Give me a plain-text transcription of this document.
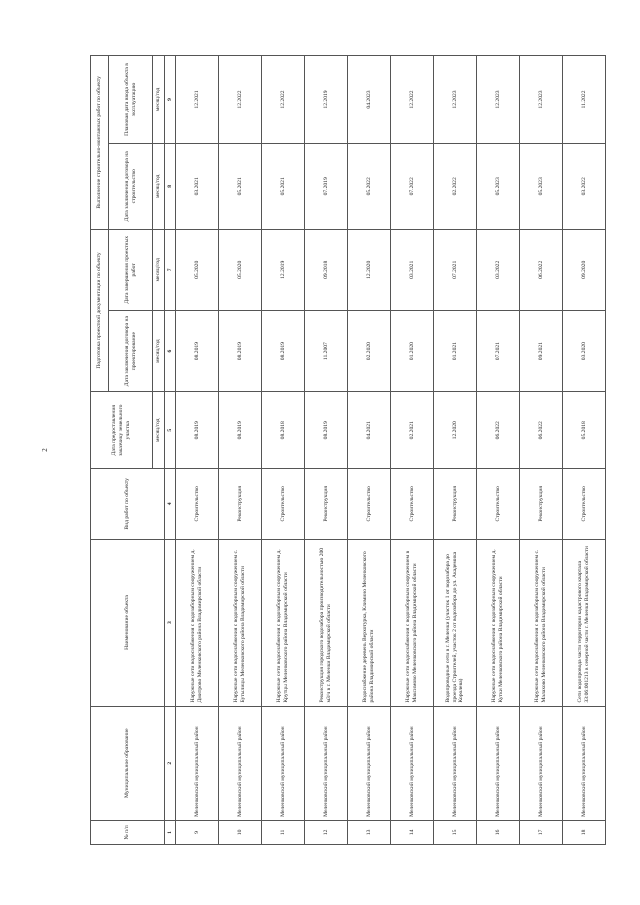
2
№ п/п	Муниципальное образование	Наименование объекта	Вид работ по объекту	Дата предоставления заказчику земельного участка	Подготовка проектной документации по объекту		Выполнение строительно-монтажных работ по объекту	
					Дата заключения договора на проектирование	Дата завершения проектных работ	Дата заключения договора на строительство	Плановая дата ввода объекта в эксплуатацию
				месяц/год	месяц/год	месяц/год	месяц/год	месяц/год
1	2	3	4	5	6	7	8	9
9	Меленковский муниципальный район	Наружные сети водоснабжения с водозаборным сооружением д. Дмитрово Меленковского района Владимирской области	Строительство	08.2019	08.2019	05.2020	03.2021	12.2021
10	Меленковский муниципальный район	Наружные сети водоснабжения с водозаборным сооружением с. Бутылицы Меленковского района Владимирской области	Реконструкция	08.2019	08.2019	05.2020	05.2021	12.2022
11	Меленковский муниципальный район	Наружные сети водоснабжения с водозаборным сооружением д. Крутцы Меленковского района Владимирской области	Строительство	08.2018	08.2019	12.2019	05.2021	12.2022
12	Меленковский муниципальный район	Реконструкция городского водозабора производительностью 200 м3/ч в г. Меленки Владимирской области	Реконструкция	08.2019	11.2007	09.2018	07.2019	12.2019
13	Меленковский муниципальный район	Водоснабжение деревень Верхотурка, Климино Меленковского района Владимирской области	Строительство	04.2021	02.2020	12.2020	05.2022	04.2023
14	Меленковский муниципальный район	Наружные сети водоснабжения с водозаборным сооружением в Максимово Меленковского района Владимирской области	Строительство	02.2021	01.2020	03.2021	07.2022	12.2022
15	Меленковский муниципальный район	Водопроводные сети в г. Меленки (участок 1 от водозабора до проезда Строителей, участок 2 от водозабора до ул. Академика Королева)	Реконструкция	12.2020	01.2021	07.2021	02.2022	12.2023
16	Меленковский муниципальный район	Наружные сети водоснабжения с водозаборным сооружением д. Кутки Меленковского района Владимирской области	Строительство	06.2022	07.2021	03.2022	05.2023	12.2023
17	Меленковский муниципальный район	Наружные сети водоснабжения с водозаборным сооружением с. Малахово Меленковского района Владимирской области	Реконструкция	06.2022	09.2021	06.2022	05.2023	12.2023
18	Меленковский муниципальный район	Сети водопровода части территории кадастрового квартала 33:06:001213 в северной части г. Меленки Владимирской области	Строительство	05.2018	03.2020	09.2020	03.2022	11.2022
